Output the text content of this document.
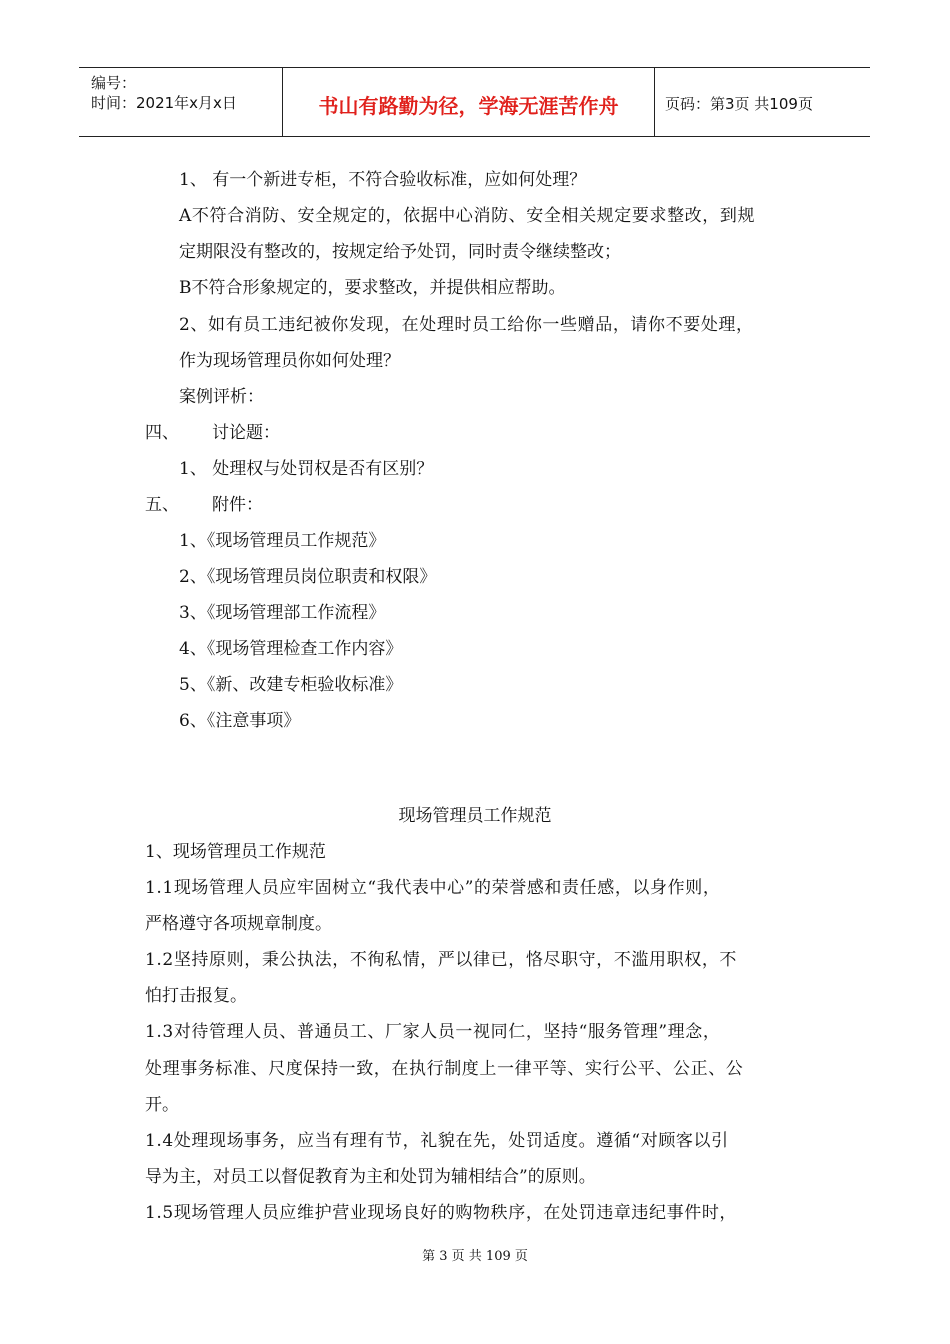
编号：
时间：2021年x月x日	书山有路勤为径，学海无涯苦作舟	页码：第3页 共109页
1、 有一个新进专柜，不符合验收标准，应如何处理？
A不符合消防、安全规定的，依据中心消防、安全相关规定要求整改，到规
定期限没有整改的，按规定给予处罚，同时责令继续整改；
B不符合形象规定的，要求整改，并提供相应帮助。
2、如有员工违纪被你发现，在处理时员工给你一些赠品，请你不要处理，
作为现场管理员你如何处理？
案例评析：
四、 讨论题：
1、 处理权与处罚权是否有区别？
五、 附件：
1、《现场管理员工作规范》
2、《现场管理员岗位职责和权限》
3、《现场管理部工作流程》
4、《现场管理检查工作内容》
5、《新、改建专柜验收标准》
6、《注意事项》
现场管理员工作规范
1、现场管理员工作规范
1.1现场管理人员应牢固树立“我代表中心”的荣誉感和责任感，以身作则，
严格遵守各项规章制度。
1.2坚持原则，秉公执法，不徇私情，严以律已，恪尽职守，不滥用职权，不
怕打击报复。
1.3对待管理人员、普通员工、厂家人员一视同仁，坚持“服务管理”理念，
处理事务标准、尺度保持一致，在执行制度上一律平等、实行公平、公正、公
开。
1.4处理现场事务，应当有理有节，礼貌在先，处罚适度。遵循“对顾客以引
导为主，对员工以督促教育为主和处罚为辅相结合”的原则。
1.5现场管理人员应维护营业现场良好的购物秩序，在处罚违章违纪事件时，
第 3 页 共 109 页
